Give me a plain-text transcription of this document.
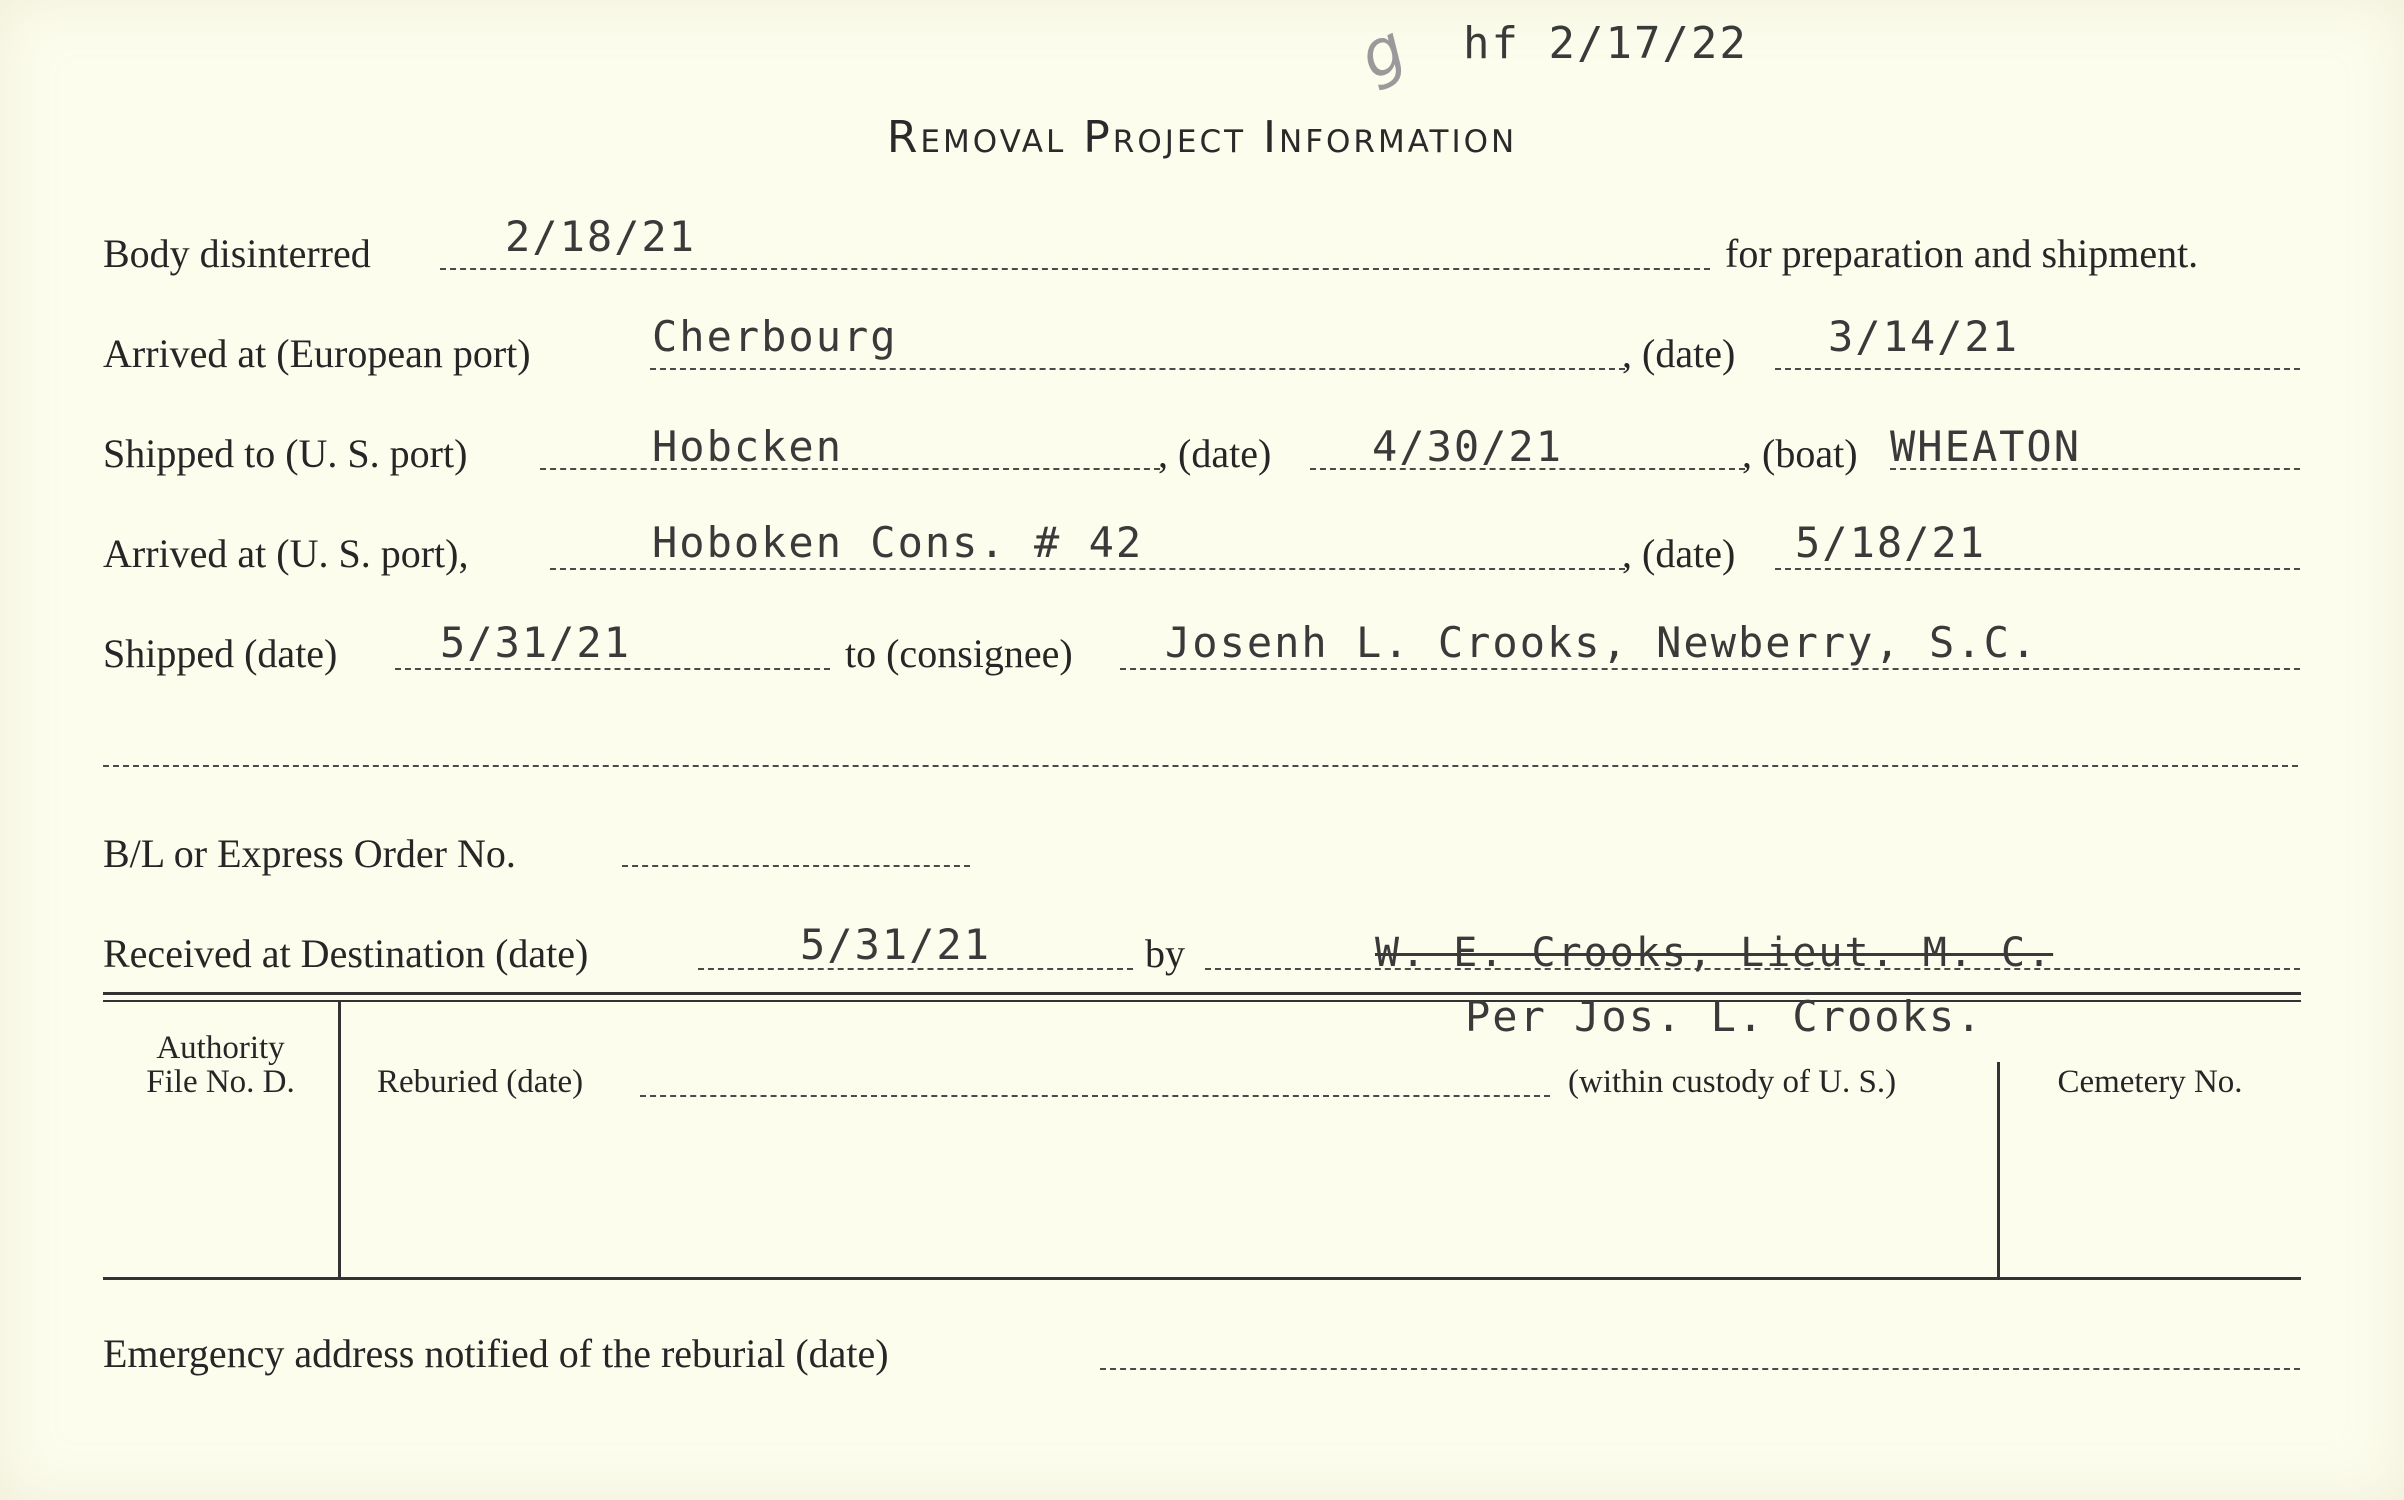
g hf 2/17/22
Removal Project Information
Body disinterred	2/18/21	for preparation and shipment.
Arrived at (European port)	Cherbourg	, (date) 3/14/21
Shipped to (U. S. port)	Hobcken	, (date) 4/30/21	, (boat) WHEATON
Arrived at (U. S. port),	Hoboken Cons. # 42	, (date) 5/18/21
Shipped (date) 5/31/21	to (consignee) Josenh L. Crooks, Newberry, S.C.
B/L or Express Order No.
Received at Destination (date)	5/31/21	by	W. E. Crooks, Lieut. M. C.
Per Jos. L. Crooks.
Authority
File No. D.	Reburied (date)	(within custody of U. S.)	Cemetery No.
Emergency address notified of the reburial (date)
